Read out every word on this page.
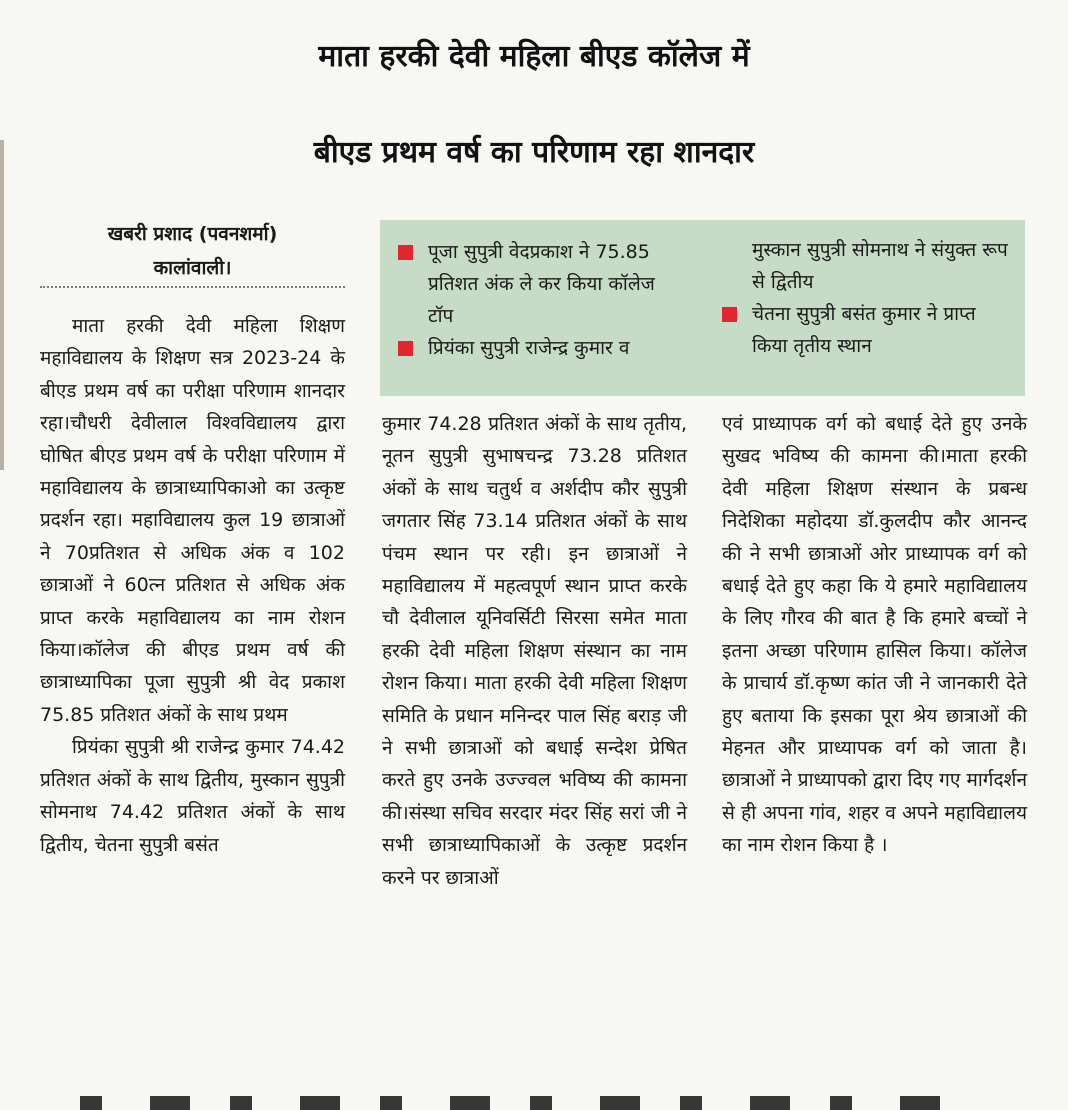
माता हरकी देवी महिला बीएड कॉलेज में
बीएड प्रथम वर्ष का परिणाम रहा शानदार
खबरी प्रशाद (पवनशर्मा)
कालांवाली।

माता हरकी देवी महिला शिक्षण महाविद्यालय के शिक्षण सत्र 2023-24 के बीएड प्रथम वर्ष का परीक्षा परिणाम शानदार रहा।चौधरी देवीलाल विश्वविद्यालय द्वारा घोषित बीएड प्रथम वर्ष के परीक्षा परिणाम में महाविद्यालय के छात्राध्यापिकाओ का उत्कृष्ट प्रदर्शन रहा। महाविद्यालय कुल 19 छात्राओं ने 70प्रतिशत से अधिक अंक व 102 छात्राओं ने 60त्न प्रतिशत से अधिक अंक प्राप्त करके महाविद्यालय का नाम रोशन किया।कॉलेज की बीएड प्रथम वर्ष की छात्राध्यापिका पूजा सुपुत्री श्री वेद प्रकाश 75.85 प्रतिशत अंकों के साथ प्रथम

प्रियंका सुपुत्री श्री राजेन्द्र कुमार 74.42 प्रतिशत अंकों के साथ द्वितीय, मुस्कान सुपुत्री सोमनाथ 74.42 प्रतिशत अंकों के साथ द्वितीय, चेतना सुपुत्री बसंत

पूजा सुपुत्री वेदप्रकाश ने 75.85 प्रतिशत अंक ले कर किया कॉलेज टॉप
प्रियंका सुपुत्री राजेन्द्र कुमार व
मुस्कान सुपुत्री सोमनाथ ने संयुक्त रूप से द्वितीय
चेतना सुपुत्री बसंत कुमार ने प्राप्त किया तृतीय स्थान

कुमार 74.28 प्रतिशत अंकों के साथ तृतीय, नूतन सुपुत्री सुभाषचन्द्र 73.28 प्रतिशत अंकों के साथ चतुर्थ व अर्शदीप कौर सुपुत्री जगतार सिंह 73.14 प्रतिशत अंकों के साथ पंचम स्थान पर रही। इन छात्राओं ने महाविद्यालय में महत्वपूर्ण स्थान प्राप्त करके चौ देवीलाल यूनिवर्सिटी सिरसा समेत माता हरकी देवी महिला शिक्षण संस्थान का नाम रोशन किया। माता हरकी देवी महिला शिक्षण समिति के प्रधान मनिन्दर पाल सिंह बराड़ जी ने सभी छात्राओं को बधाई सन्देश प्रेषित करते हुए उनके उज्ज्वल भविष्य की कामना की।संस्था सचिव सरदार मंदर सिंह सरां जी ने सभी छात्राध्यापिकाओं के उत्कृष्ट प्रदर्शन करने पर छात्राओं

एवं प्राध्यापक वर्ग को बधाई देते हुए उनके सुखद भविष्य की कामना की।माता हरकी देवी महिला शिक्षण संस्थान के प्रबन्ध निदेशिका महोदया डॉ.कुलदीप कौर आनन्द की ने सभी छात्राओं ओर प्राध्यापक वर्ग को बधाई देते हुए कहा कि ये हमारे महाविद्यालय के लिए गौरव की बात है कि हमारे बच्चों ने इतना अच्छा परिणाम हासिल किया। कॉलेज के प्राचार्य डॉ.कृष्ण कांत जी ने जानकारी देते हुए बताया कि इसका पूरा श्रेय छात्राओं की मेहनत और प्राध्यापक वर्ग को जाता है। छात्राओं ने प्राध्यापको द्वारा दिए गए मार्गदर्शन से ही अपना गांव, शहर व अपने महाविद्यालय का नाम रोशन किया है ।
